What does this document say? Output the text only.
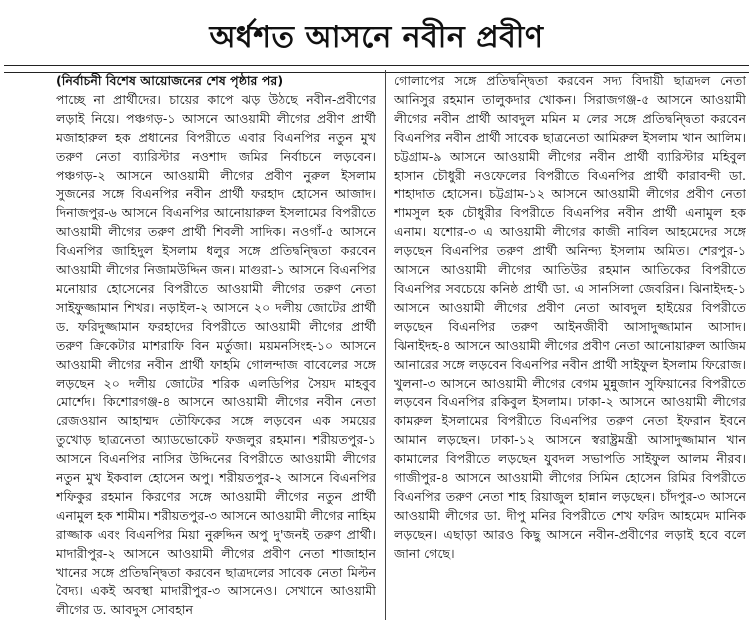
অর্ধশত আসনে নবীন প্রবীণ
(নির্বাচনী বিশেষ আয়োজনের শেষ পৃষ্ঠার পর)

পাচ্ছে না প্রার্থীদের। চায়ের কাপে ঝড় উঠছে নবীন-প্রবীণের লড়াই নিয়ে। পঞ্চগড়-১ আসনে আওয়ামী লীগের প্রবীণ প্রার্থী মজাহারুল হক প্রধানের বিপরীতে এবার বিএনপির নতুন মুখ তরুণ নেতা ব্যারিস্টার নওশাদ জমির নির্বাচনে লড়বেন। পঞ্চগড়-২ আসনে আওয়ামী লীগের প্রবীণ নুরুল ইসলাম সুজনের সঙ্গে বিএনপির নবীন প্রার্থী ফরহাদ হোসেন আজাদ। দিনাজপুর-৬ আসনে বিএনপির আনোয়ারুল ইসলামের বিপরীতে আওয়ামী লীগের তরুণ প্রার্থী শিবলী সাদিক। নওগাঁ-৫ আসনে বিএনপির জাহিদুল ইসলাম ধলুর সঙ্গে প্রতিদ্বন্দ্বিতা করবেন আওয়ামী লীগের নিজামউদ্দিন জন। মাগুরা-১ আসনে বিএনপির মনোয়ার হোসেনের বিপরীতে আওয়ামী লীগের তরুণ নেতা সাইফুজ্জামান শিখর। নড়াইল-২ আসনে ২০ দলীয় জোটের প্রার্থী ড. ফরিদুজ্জামান ফরহাদের বিপরীতে আওয়ামী লীগের প্রার্থী তরুণ ক্রিকেটার মাশরাফি বিন মর্তুজা। ময়মনসিংহ-১০ আসনে আওয়ামী লীগের নবীন প্রার্থী ফাহমি গোলন্দাজ বাবেলের সঙ্গে লড়ছেন ২০ দলীয় জোটের শরিক এলডিপির সৈয়দ মাহবুব মোর্শেদ। কিশোরগঞ্জ-৪ আসনে আওয়ামী লীগের নবীন নেতা রেজওয়ান আহাম্মদ তৌফিকের সঙ্গে লড়বেন এক সময়ের তুখোড় ছাত্রনেতা অ্যাডভোকেট ফজলুর রহমান। শরীয়তপুর-১ আসনে বিএনপির নাসির উদ্দিনের বিপরীতে আওয়ামী লীগের নতুন মুখ ইকবাল হোসেন অপু। শরীয়তপুর-২ আসনে বিএনপির শফিকুর রহমান কিরণের সঙ্গে আওয়ামী লীগের নতুন প্রার্থী এনামুল হক শামীম। শরীয়তপুর-৩ আসনে আওয়ামী লীগের নাহিম রাজ্জাক এবং বিএনপির মিয়া নুরুদ্দিন অপু দু'জনই তরুণ প্রার্থী। মাদারীপুর-২ আসনে আওয়ামী লীগের প্রবীণ নেতা শাজাহান খানের সঙ্গে প্রতিদ্বন্দ্বিতা করবেন ছাত্রদলের সাবেক নেতা মিল্টন বৈদ্য। একই অবস্থা মাদারীপুর-৩ আসনেও। সেখানে আওয়ামী লীগের ড. আবদুস সোবহান

গোলাপের সঙ্গে প্রতিদ্বন্দ্বিতা করবেন সদ্য বিদায়ী ছাত্রদল নেতা আনিসুর রহমান তালুকদার খোকন। সিরাজগঞ্জ-৫ আসনে আওয়ামী লীগের নবীন প্রার্থী আবদুল মমিন ম লের সঙ্গে প্রতিদ্বন্দ্বিতা করবেন বিএনপির নবীন প্রার্থী সাবেক ছাত্রনেতা আমিরুল ইসলাম খান আলিম। চট্টগ্রাম-৯ আসনে আওয়ামী লীগের নবীন প্রার্থী ব্যারিস্টার মহিবুল হাসান চৌধুরী নওফেলের বিপরীতে বিএনপির প্রার্থী কারাবন্দী ডা. শাহাদাত হোসেন। চট্টগ্রাম-১২ আসনে আওয়ামী লীগের প্রবীণ নেতা শামসুল হক চৌধুরীর বিপরীতে বিএনপির নবীন প্রার্থী এনামুল হক এনাম। যশোর-৩ এ আওয়ামী লীগের কাজী নাবিল আহমেদের সঙ্গে লড়ছেন বিএনপির তরুণ প্রার্থী অনিন্দ্য ইসলাম অমিত। শেরপুর-১ আসনে আওয়ামী লীগের আতিউর রহমান আতিকের বিপরীতে বিএনপির সবচেয়ে কনিষ্ঠ প্রার্থী ডা. এ সানসিলা জেবরিন। ঝিনাইদহ-১ আসনে আওয়ামী লীগের প্রবীণ নেতা আবদুল হাইয়ের বিপরীতে লড়ছেন বিএনপির তরুণ আইনজীবী আসাদুজ্জামান আসাদ। ঝিনাইদহ-৪ আসনে আওয়ামী লীগের প্রবীণ নেতা আনোয়ারুল আজিম আনারের সঙ্গে লড়বেন বিএনপির নবীন প্রার্থী সাইফুল ইসলাম ফিরোজ। খুলনা-৩ আসনে আওয়ামী লীগের বেগম মুন্নুজান সুফিয়ানের বিপরীতে লড়বেন বিএনপির রকিবুল ইসলাম। ঢাকা-২ আসনে আওয়ামী লীগের কামরুল ইসলামের বিপরীতে বিএনপির তরুণ নেতা ইফরান ইবনে আমান লড়ছেন। ঢাকা-১২ আসনে স্বরাষ্ট্রমন্ত্রী আসাদুজ্জামান খান কামালের বিপরীতে লড়ছেন যুবদল সভাপতি সাইফুল আলম নীরব। গাজীপুর-৪ আসনে আওয়ামী লীগের সিমিন হোসেন রিমির বিপরীতে বিএনপির তরুণ নেতা শাহ রিয়াজুল হান্নান লড়ছেন। চাঁদপুর-৩ আসনে আওয়ামী লীগের ডা. দীপু মনির বিপরীতে শেখ ফরিদ আহমেদ মানিক লড়ছেন। এছাড়া আরও কিছু আসনে নবীন-প্রবীণের লড়াই হবে বলে জানা গেছে।
